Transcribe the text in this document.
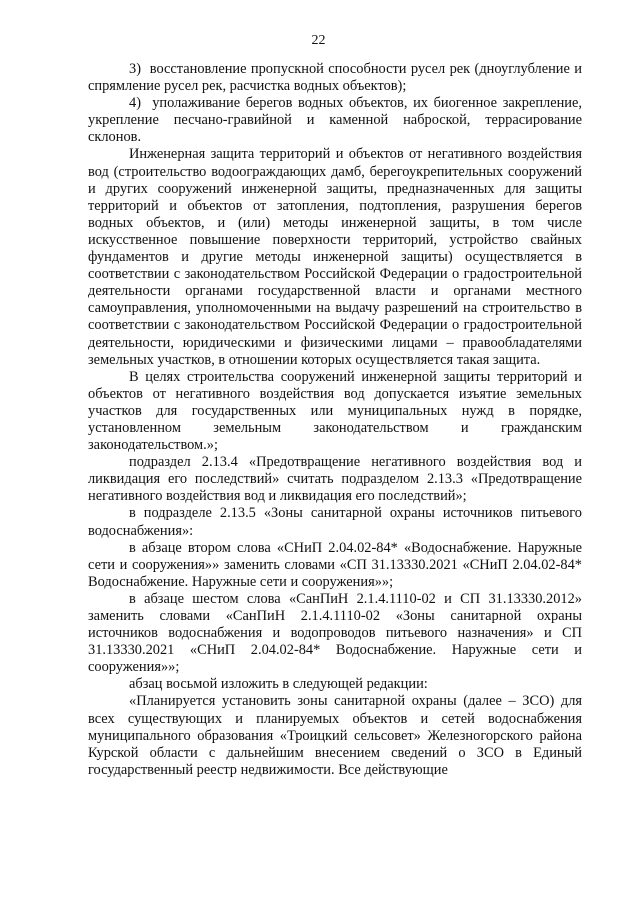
22

3)  восстановление пропускной способности русел рек (дноуглубление и спрямление русел рек, расчистка водных объектов);

4)  уполаживание берегов водных объектов, их биогенное закрепление, укрепление песчано-гравийной и каменной наброской, террасирование склонов.

Инженерная защита территорий и объектов от негативного воздействия вод (строительство водоограждающих дамб, берегоукрепительных сооружений и других сооружений инженерной защиты, предназначенных для защиты территорий и объектов от затопления, подтопления, разрушения берегов водных объектов, и (или) методы инженерной защиты, в том числе искусственное повышение поверхности территорий, устройство свайных фундаментов и другие методы инженерной защиты) осуществляется в соответствии с законодательством Российской Федерации о градостроительной деятельности органами государственной власти и органами местного самоуправления, уполномоченными на выдачу разрешений на строительство в соответствии с законодательством Российской Федерации о градостроительной деятельности, юридическими и физическими лицами – правообладателями земельных участков, в отношении которых осуществляется такая защита.

В целях строительства сооружений инженерной защиты территорий и объектов от негативного воздействия вод допускается изъятие земельных участков для государственных или муниципальных нужд в порядке, установленном земельным законодательством и гражданским законодательством.»;

подраздел 2.13.4 «Предотвращение негативного воздействия вод и ликвидация его последствий» считать подразделом 2.13.3 «Предотвращение негативного воздействия вод и ликвидация его последствий»;

в подразделе 2.13.5 «Зоны санитарной охраны источников питьевого водоснабжения»:

в абзаце втором слова «СНиП 2.04.02-84* «Водоснабжение. Наружные сети и сооружения»» заменить словами «СП 31.13330.2021 «СНиП 2.04.02-84* Водоснабжение. Наружные сети и сооружения»»;

в абзаце шестом слова «СанПиН 2.1.4.1110-02 и СП 31.13330.2012» заменить словами «СанПиН 2.1.4.1110-02 «Зоны санитарной охраны источников водоснабжения и водопроводов питьевого назначения» и СП 31.13330.2021 «СНиП 2.04.02-84* Водоснабжение. Наружные сети и сооружения»»;

абзац восьмой изложить в следующей редакции:

«Планируется установить зоны санитарной охраны (далее – ЗСО) для всех существующих и планируемых объектов и сетей водоснабжения муниципального образования «Троицкий сельсовет» Железногорского района Курской области с дальнейшим внесением сведений о ЗСО в Единый государственный реестр недвижимости. Все действующие
